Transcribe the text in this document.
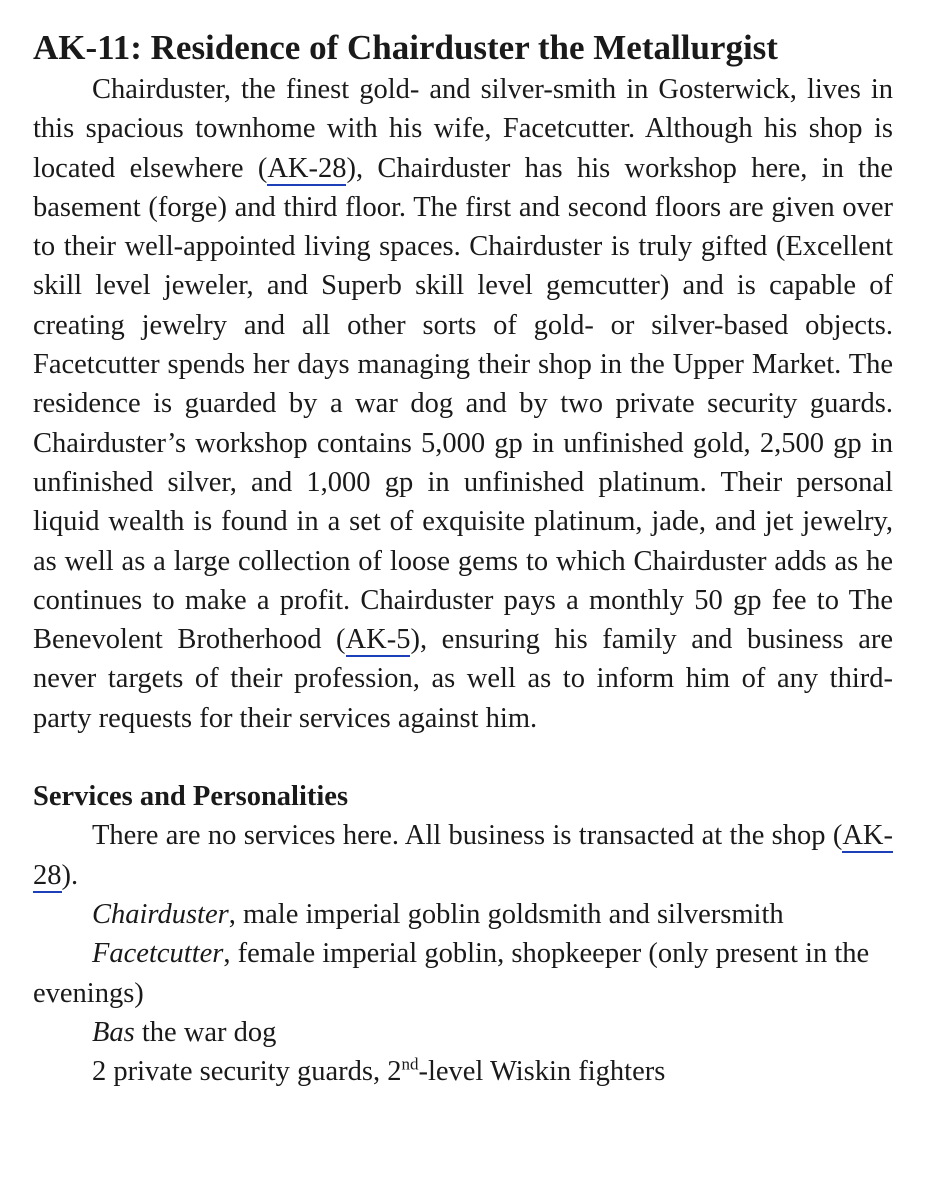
AK-11: Residence of Chairduster the Metallurgist

Chairduster, the finest gold- and silver-smith in Gosterwick, lives in this spacious townhome with his wife, Facetcutter. Although his shop is located elsewhere (AK-28), Chairduster has his workshop here, in the basement (forge) and third floor. The first and second floors are given over to their well-appointed living spaces. Chairduster is truly gifted (Excellent skill level jeweler, and Superb skill level gemcutter) and is capable of creating jewelry and all other sorts of gold- or silver-based objects. Facetcutter spends her days managing their shop in the Upper Market. The residence is guarded by a war dog and by two private security guards. Chairduster’s workshop contains 5,000 gp in unfinished gold, 2,500 gp in unfinished silver, and 1,000 gp in unfinished platinum. Their personal liquid wealth is found in a set of exquisite platinum, jade, and jet jewelry, as well as a large collection of loose gems to which Chairduster adds as he continues to make a profit. Chairduster pays a monthly 50 gp fee to The Benevolent Brotherhood (AK-5), ensuring his family and business are never targets of their profession, as well as to inform him of any third-party requests for their services against him.

Services and Personalities

There are no services here. All business is transacted at the shop (AK-28).

Chairduster, male imperial goblin goldsmith and silversmith

Facetcutter, female imperial goblin, shopkeeper (only present in the evenings)

Bas the war dog

2 private security guards, 2nd-level Wiskin fighters
